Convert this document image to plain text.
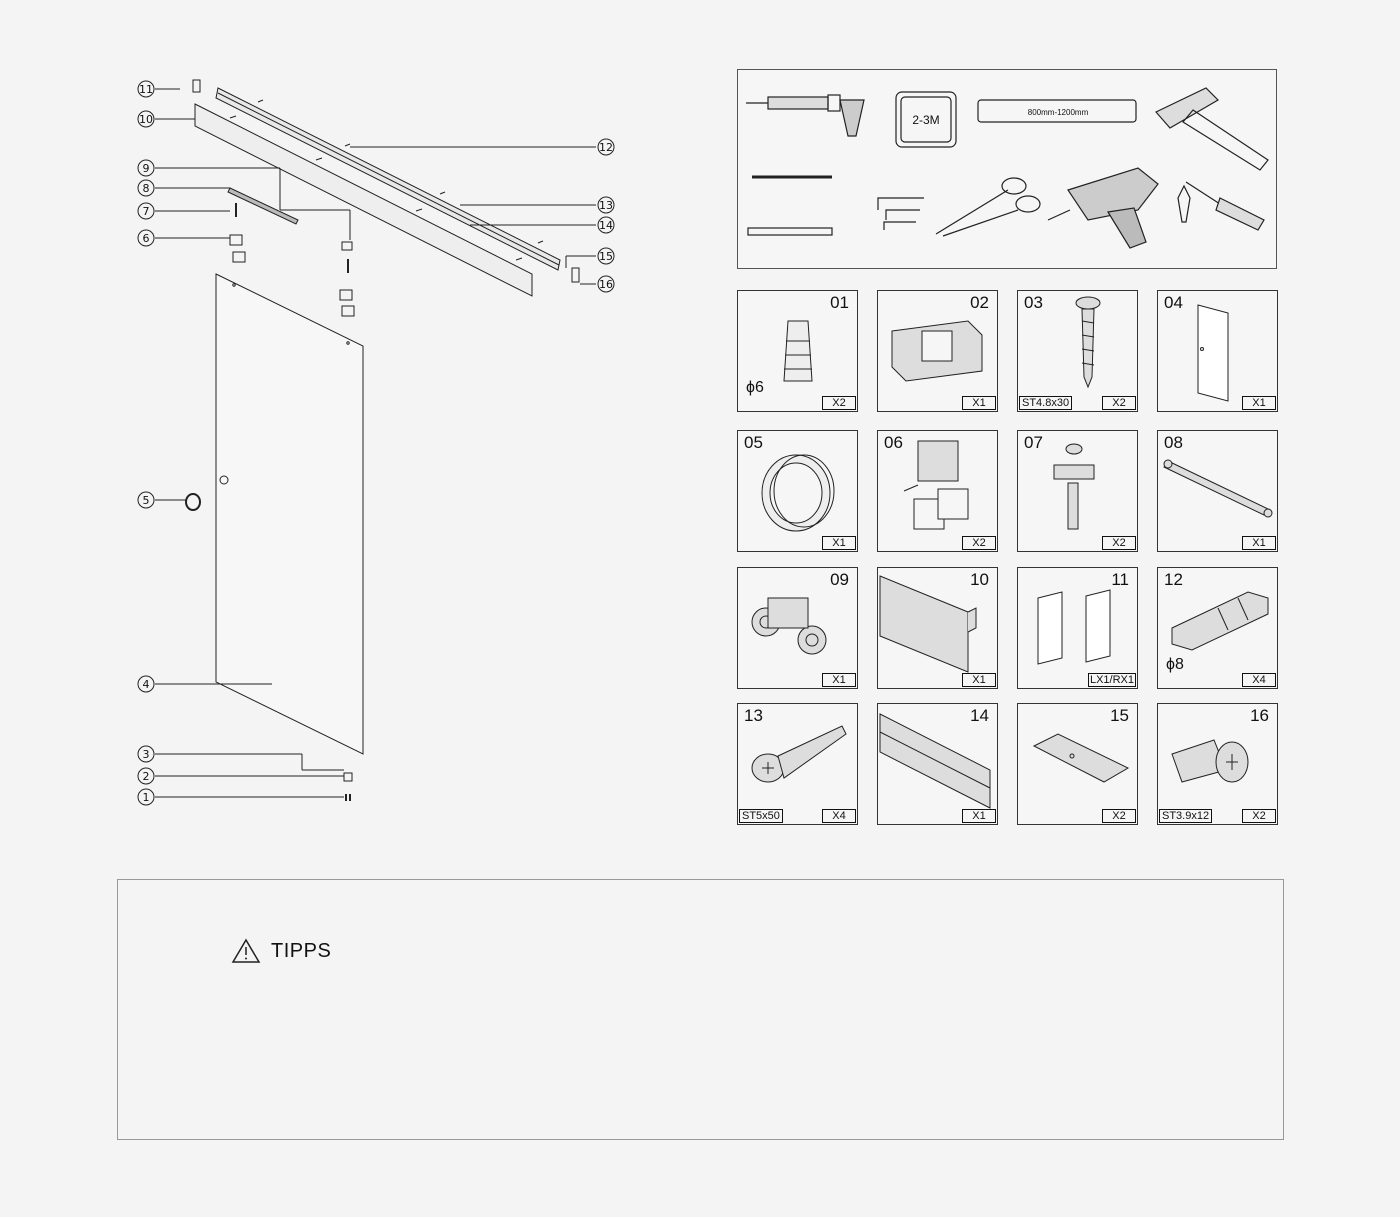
11
10
9
8
7
6
5
4
3
2
1
12
13
14
15
16
2-3M
800mm-1200mm
01
X2
ϕ6
02
X1
03
X2
ST4.8x30
04
X1
05
X1
06
X2
07
X2
08
X1
09
X1
10
X1
11
LX1/RX1
12
X4
ϕ8
13
X4
ST5x50
14
X1
15
X2
16
X2
ST3.9x12
TIPPS
